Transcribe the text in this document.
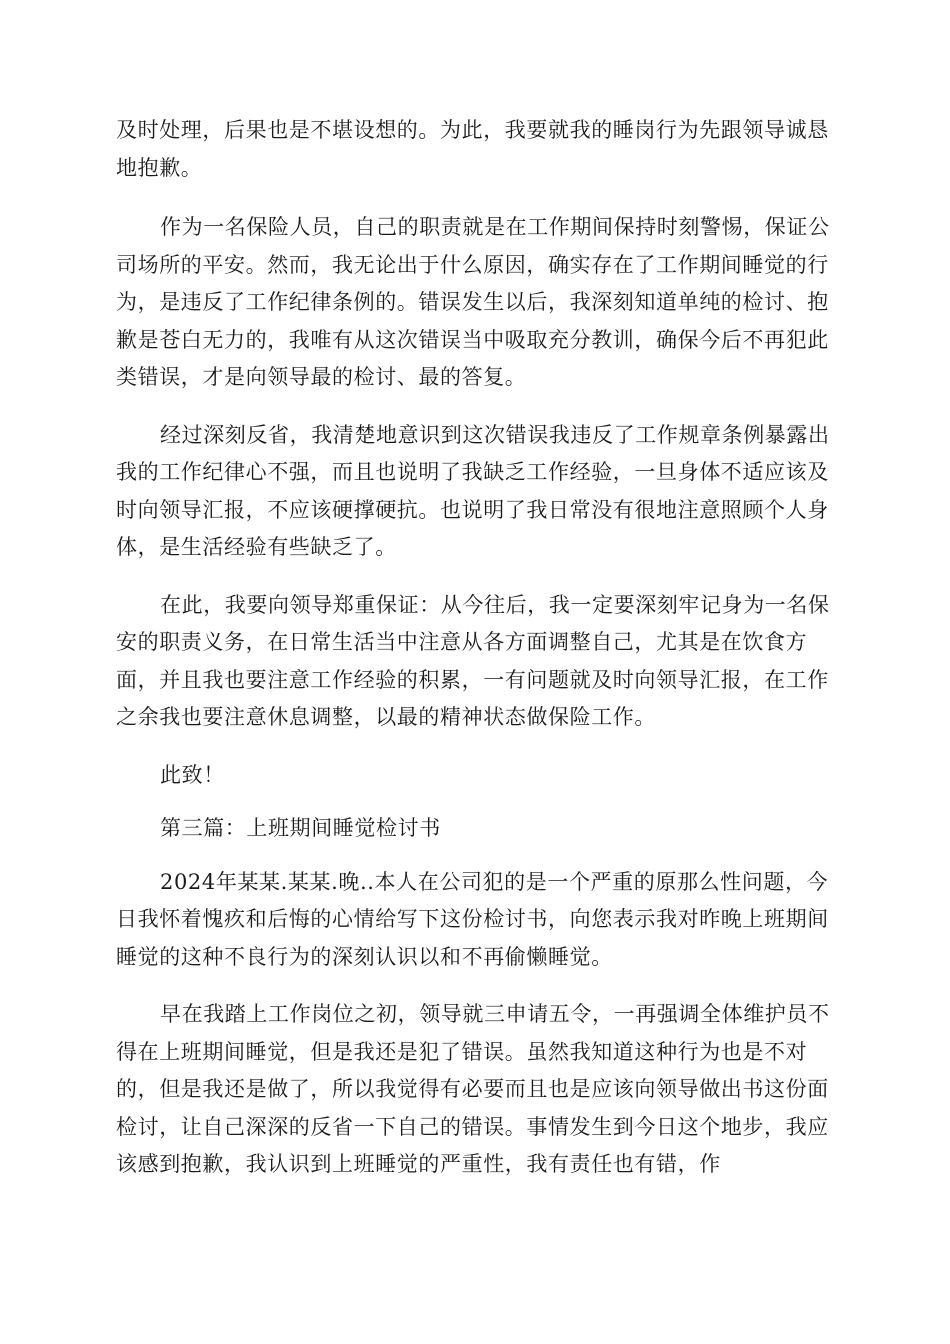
及时处理，后果也是不堪设想的。为此，我要就我的睡岗行为先跟领导诚恳地抱歉。

作为一名保险人员，自己的职责就是在工作期间保持时刻警惕，保证公司场所的平安。然而，我无论出于什么原因，确实存在了工作期间睡觉的行为，是违反了工作纪律条例的。错误发生以后，我深刻知道单纯的检讨、抱歉是苍白无力的，我唯有从这次错误当中吸取充分教训，确保今后不再犯此类错误，才是向领导最的检讨、最的答复。

经过深刻反省，我清楚地意识到这次错误我违反了工作规章条例暴露出我的工作纪律心不强，而且也说明了我缺乏工作经验，一旦身体不适应该及时向领导汇报，不应该硬撑硬抗。也说明了我日常没有很地注意照顾个人身体，是生活经验有些缺乏了。

在此，我要向领导郑重保证：从今往后，我一定要深刻牢记身为一名保安的职责义务，在日常生活当中注意从各方面调整自己，尤其是在饮食方面，并且我也要注意工作经验的积累，一有问题就及时向领导汇报，在工作之余我也要注意休息调整，以最的精神状态做保险工作。

此致！

第三篇：上班期间睡觉检讨书

2024年某某.某某.晚..本人在公司犯的是一个严重的原那么性问题，今日我怀着愧疚和后悔的心情给写下这份检讨书，向您表示我对昨晚上班期间睡觉的这种不良行为的深刻认识以和不再偷懒睡觉。

早在我踏上工作岗位之初，领导就三申请五令，一再强调全体维护员不得在上班期间睡觉，但是我还是犯了错误。虽然我知道这种行为也是不对的，但是我还是做了，所以我觉得有必要而且也是应该向领导做出书这份面检讨，让自己深深的反省一下自己的错误。事情发生到今日这个地步，我应该感到抱歉，我认识到上班睡觉的严重性，我有责任也有错，作
